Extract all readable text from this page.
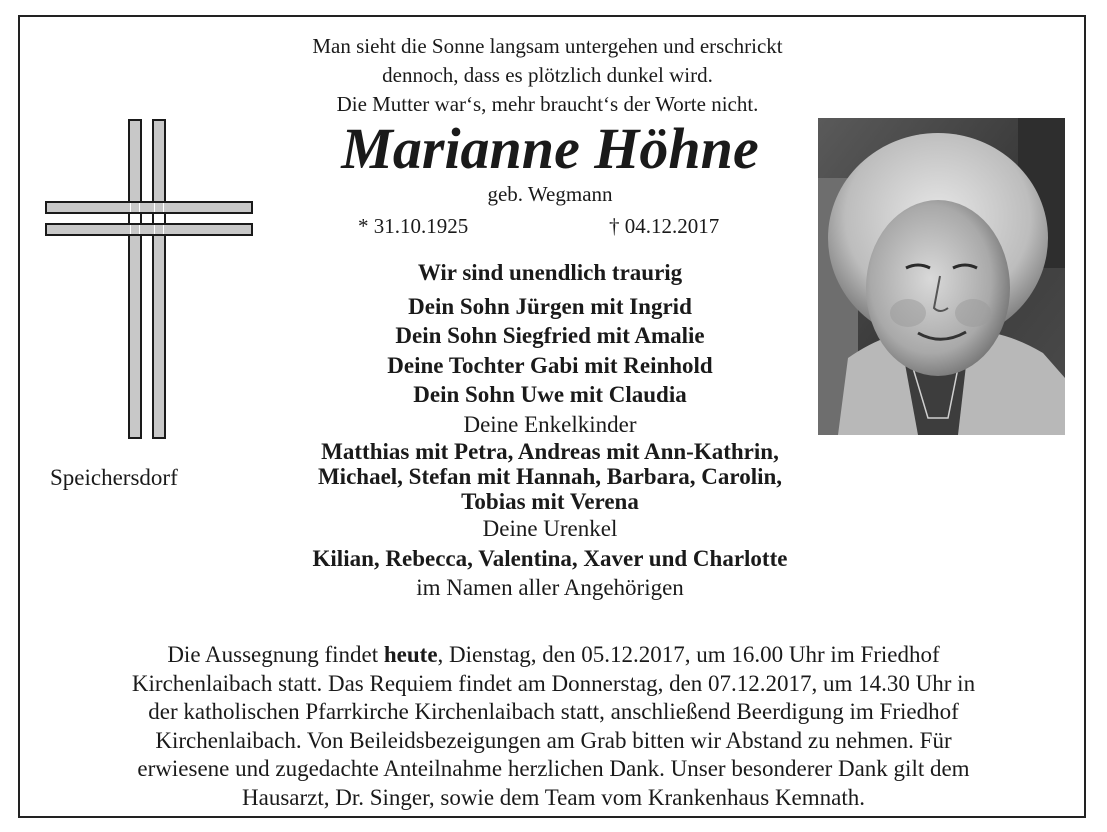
Man sieht die Sonne langsam untergehen und erschrickt
dennoch, dass es plötzlich dunkel wird.
Die Mutter war‘s, mehr braucht‘s der Worte nicht.
Marianne Höhne
geb. Wegmann
* 31.10.1925	† 04.12.2017
Speichersdorf
Wir sind unendlich traurig
Dein Sohn Jürgen mit Ingrid
Dein Sohn Siegfried mit Amalie
Deine Tochter Gabi mit Reinhold
Dein Sohn Uwe mit Claudia
Deine Enkelkinder
Matthias mit Petra, Andreas mit Ann-Kathrin,
Michael, Stefan mit Hannah, Barbara, Carolin,
Tobias mit Verena
Deine Urenkel
Kilian, Rebecca, Valentina, Xaver und Charlotte
im Namen aller Angehörigen
Die Aussegnung findet heute, Dienstag, den 05.12.2017, um 16.00 Uhr im Friedhof
Kirchenlaibach statt. Das Requiem findet am Donnerstag, den 07.12.2017, um 14.30 Uhr in
der katholischen Pfarrkirche Kirchenlaibach statt, anschließend Beerdigung im Friedhof
Kirchenlaibach. Von Beileidsbezeigungen am Grab bitten wir Abstand zu nehmen. Für
erwiesene und zugedachte Anteilnahme herzlichen Dank. Unser besonderer Dank gilt dem
Hausarzt, Dr. Singer, sowie dem Team vom Krankenhaus Kemnath.
